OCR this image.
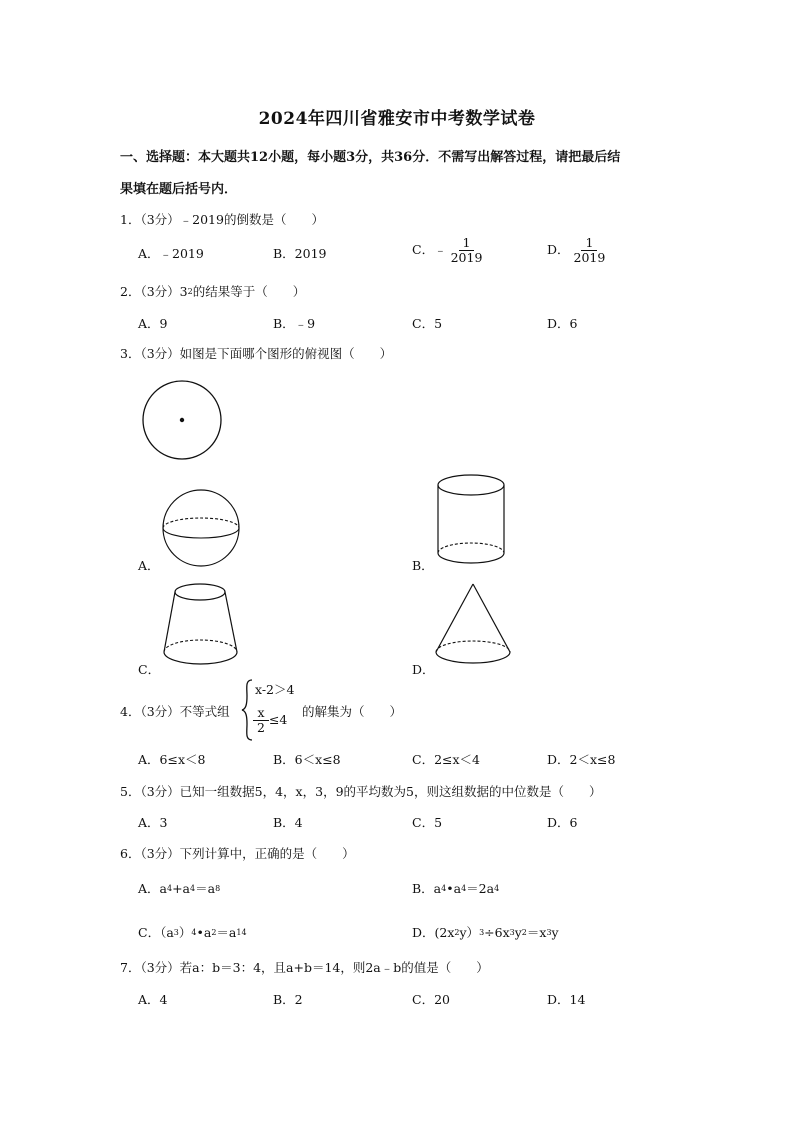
2024年四川省雅安市中考数学试卷
一、选择题：本大题共12小题，每小题3分，共36分．不需写出解答过程，请把最后结
果填在题后括号内．
1．（3分）﹣2019的倒数是（　　）
A．﹣2019	B．2019	C．﹣ $\frac{1}{2019}$	D． $\frac{1}{2019}$
2．（3分）$3^2$的结果等于（　　）
A．9	B．﹣9	C．5	D．6
3．（3分）如图是下面哪个图形的俯视图（　　）
A．	B．
C．	D．
4．（3分）不等式组
x-2＞4
$\frac{x}{2} \le 4$
的解集为（　　）
A．6≤x＜8	B．6＜x≤8	C．2≤x＜4	D．2＜x≤8
5．（3分）已知一组数据5，4，x，3，9的平均数为5，则这组数据的中位数是（　　）
A．3	B．4	C．5	D．6
6．（3分）下列计算中，正确的是（　　）
A．$a^4+a^4=a^8$	B．$a^4•a^4=2a^4$
C．$(a^3)^4•a^2=a^{14}$	D．$(2x^2y)^3\div 6x^3y^2=x^3y$
7．（3分）若a：b＝3：4，且a+b＝14，则2a﹣b的值是（　　）
A．4	B．2	C．20	D．14
